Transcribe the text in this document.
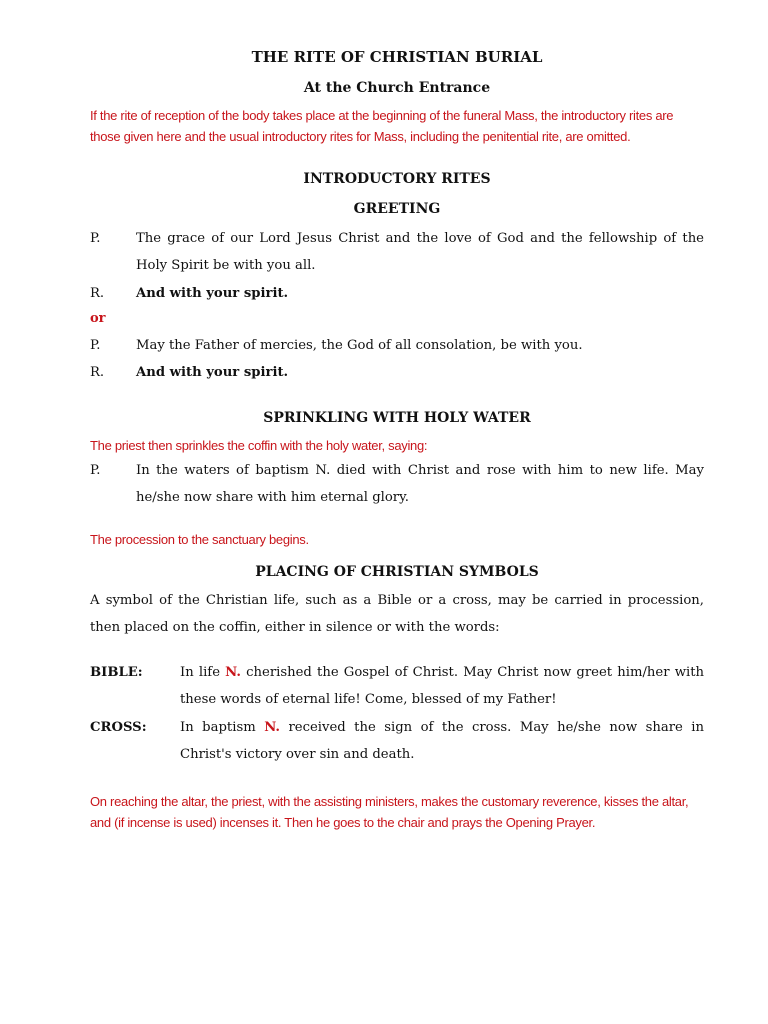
THE RITE OF CHRISTIAN BURIAL
At the Church Entrance
If the rite of reception of the body takes place at the beginning of the funeral Mass, the introductory rites are those given here and the usual introductory rites for Mass, including the penitential rite, are omitted.
INTRODUCTORY RITES
GREETING
P.	The grace of our Lord Jesus Christ and the love of God and the fellowship of the Holy Spirit be with you all.
R. And with your spirit.
or
P.	May the Father of mercies, the God of all consolation, be with you.
R. And with your spirit.
SPRINKLING WITH HOLY WATER
The priest then sprinkles the coffin with the holy water, saying:
P.	In the waters of baptism N. died with Christ and rose with him to new life. May he/she now share with him eternal glory.
The procession to the sanctuary begins.
PLACING OF CHRISTIAN SYMBOLS
A symbol of the Christian life, such as a Bible or a cross, may be carried in procession, then placed on the coffin, either in silence or with the words:
BIBLE:	In life N. cherished the Gospel of Christ. May Christ now greet him/her with these words of eternal life! Come, blessed of my Father!
CROSS:	In baptism N. received the sign of the cross. May he/she now share in Christ's victory over sin and death.
On reaching the altar, the priest, with the assisting ministers, makes the customary reverence, kisses the altar, and (if incense is used) incenses it. Then he goes to the chair and prays the Opening Prayer.
